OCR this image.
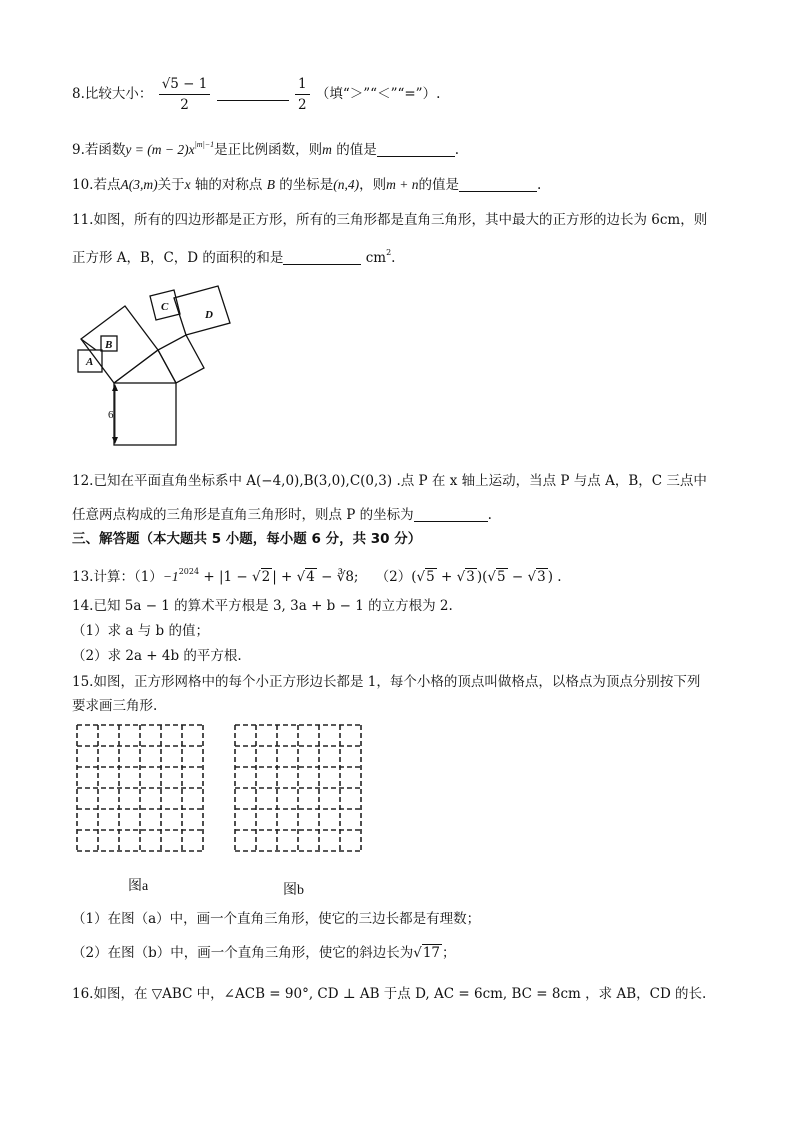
8.比较大小： $\frac{√5 - 1}{2}$
	$\frac{1}{2}$ （填“＞”“＜”“=”）.
9.若函数$y = (m - 2)x^{|m|-1}$是正比例函数，则m 的值是	.
10.若点A(3,m)关于x 轴的对称点 B 的坐标是(n,4)，则m + n的值是	.
11.如图，所有的四边形都是正方形，所有的三角形都是直角三角形，其中最大的正方形的边长为 6cm，则
正方形 A，B，C，D 的面积的和是	$cm^2$.
A
B
C
D
6
12.已知在平面直角坐标系中 A(−4,0),B(3,0),C(0,3) .点 P 在 x 轴上运动，当点 P 与点 A，B，C 三点中
任意两点构成的三角形是直角三角形时，则点 P 的坐标为	.
三、解答题（本大题共 5 小题，每小题 6 分，共 30 分）
13.计算：$(1)-1^{2024} + |1 - √2$ | + √4 − ∛8; （2）(√5 + √3 )(√5 − √3 ) .
14.已知 5a − 1 的算术平方根是 3, 3a + b − 1 的立方根为 2.
（1）求 a 与 b 的值；
（2）求 2a + 4b 的平方根.
15.如图，正方形网格中的每个小正方形边长都是 1，每个小格的顶点叫做格点，以格点为顶点分别按下列
要求画三角形.
图a	图b
（1）在图（a）中，画一个直角三角形，使它的三边长都是有理数；
（2）在图（b）中，画一个直角三角形，使它的斜边长为√17 ；
16.如图，在 ▽ABC 中，∠ACB = 90°, CD ⊥ AB 于点 D, AC = 6cm, BC = 8cm ，求 AB，CD 的长.
